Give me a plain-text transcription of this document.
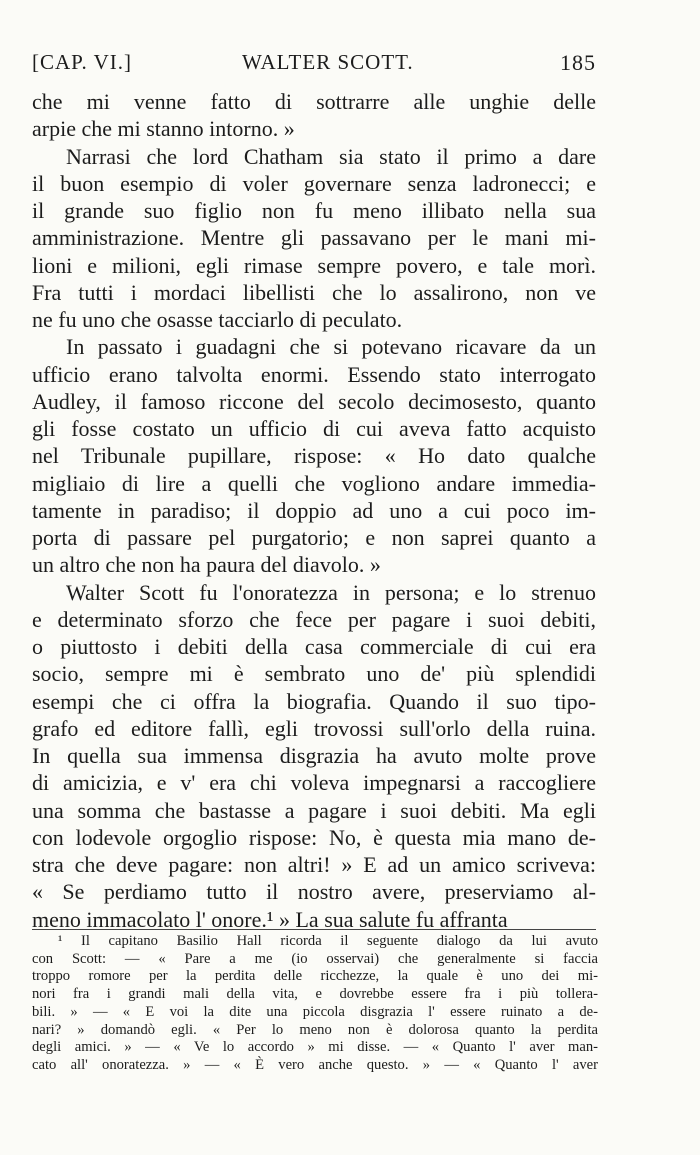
[CAP. VI.]	WALTER SCOTT.	185
che mi venne fatto di sottrarre alle unghie delle
arpie che mi stanno intorno. »
Narrasi che lord Chatham sia stato il primo a dare
il buon esempio di voler governare senza ladronecci; e
il grande suo figlio non fu meno illibato nella sua
amministrazione. Mentre gli passavano per le mani mi-
lioni e milioni, egli rimase sempre povero, e tale morì.
Fra tutti i mordaci libellisti che lo assalirono, non ve
ne fu uno che osasse tacciarlo di peculato.
In passato i guadagni che si potevano ricavare da un
ufficio erano talvolta enormi. Essendo stato interrogato
Audley, il famoso riccone del secolo decimosesto, quanto
gli fosse costato un ufficio di cui aveva fatto acquisto
nel Tribunale pupillare, rispose: « Ho dato qualche
migliaio di lire a quelli che vogliono andare immedia-
tamente in paradiso; il doppio ad uno a cui poco im-
porta di passare pel purgatorio; e non saprei quanto a
un altro che non ha paura del diavolo. »
Walter Scott fu l'onoratezza in persona; e lo strenuo
e determinato sforzo che fece per pagare i suoi debiti,
o piuttosto i debiti della casa commerciale di cui era
socio, sempre mi è sembrato uno de' più splendidi
esempi che ci offra la biografia. Quando il suo tipo-
grafo ed editore fallì, egli trovossi sull'orlo della ruina.
In quella sua immensa disgrazia ha avuto molte prove
di amicizia, e v' era chi voleva impegnarsi a raccogliere
una somma che bastasse a pagare i suoi debiti. Ma egli
con lodevole orgoglio rispose: No, è questa mia mano de-
stra che deve pagare: non altri! » E ad un amico scriveva:
« Se perdiamo tutto il nostro avere, preserviamo al-
meno immacolato l' onore.¹ » La sua salute fu affranta
¹ Il capitano Basilio Hall ricorda il seguente dialogo da lui avuto
con Scott: — « Pare a me (io osservai) che generalmente si faccia
troppo romore per la perdita delle ricchezze, la quale è uno dei mi-
nori fra i grandi mali della vita, e dovrebbe essere fra i più tollera-
bili. » — « E voi la dite una piccola disgrazia l' essere ruinato a de-
nari? » domandò egli. « Per lo meno non è dolorosa quanto la perdita
degli amici. » — « Ve lo accordo » mi disse. — « Quanto l' aver man-
cato all' onoratezza. » — « È vero anche questo. » — « Quanto l' aver
